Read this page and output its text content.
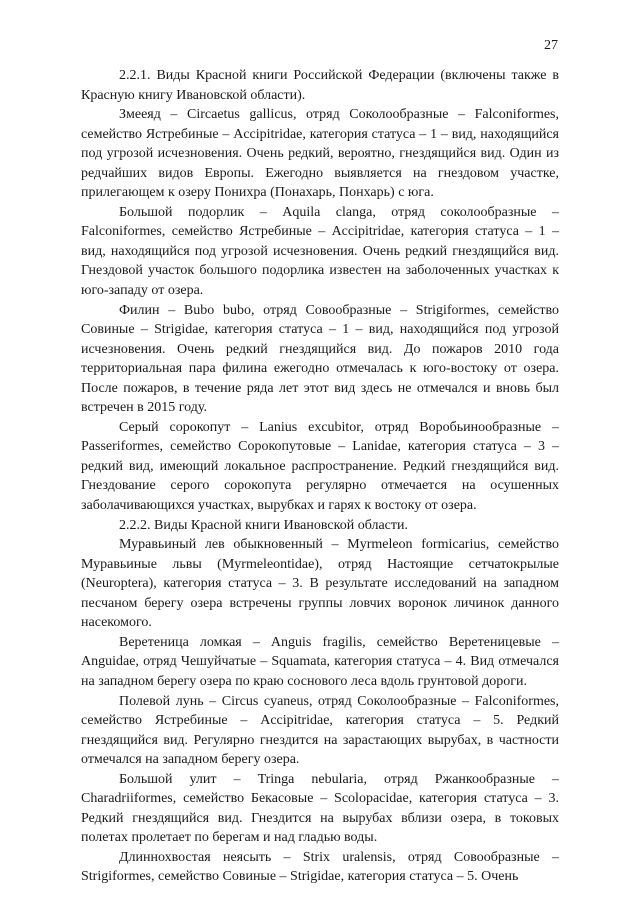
27

2.2.1. Виды Красной книги Российской Федерации (включены также в Красную книгу Ивановской области).

Змееяд – Circaetus gallicus, отряд Соколообразные – Falconiformes, семейство Ястребиные – Accipitridae, категория статуса – 1 – вид, находящийся под угрозой исчезновения. Очень редкий, вероятно, гнездящийся вид. Один из редчайших видов Европы. Ежегодно выявляется на гнездовом участке, прилегающем к озеру Понихра (Понахарь, Понхарь) с юга.

Большой подорлик – Aquila clanga, отряд соколообразные – Falconiformes, семейство Ястребиные – Accipitridae, категория статуса – 1 – вид, находящийся под угрозой исчезновения. Очень редкий гнездящийся вид. Гнездовой участок большого подорлика известен на заболоченных участках к юго-западу от озера.

Филин – Bubo bubo, отряд Совообразные – Strigiformes, семейство Совиные – Strigidae, категория статуса – 1 – вид, находящийся под угрозой исчезновения. Очень редкий гнездящийся вид. До пожаров 2010 года территориальная пара филина ежегодно отмечалась к юго-востоку от озера. После пожаров, в течение ряда лет этот вид здесь не отмечался и вновь был встречен в 2015 году.

Серый сорокопут – Lanius excubitor, отряд Воробьинообразные – Passeriformes, семейство Сорокопутовые – Lanidae, категория статуса – 3 – редкий вид, имеющий локальное распространение. Редкий гнездящийся вид. Гнездование серого сорокопута регулярно отмечается на осушенных заболачивающихся участках, вырубках и гарях к востоку от озера.

2.2.2. Виды Красной книги Ивановской области.

Муравьиный лев обыкновенный – Myrmeleon formicarius, семейство Муравьиные львы (Myrmeleontidae), отряд Настоящие сетчатокрылые (Neuroptera), категория статуса – 3. В результате исследований на западном песчаном берегу озера встречены группы ловчих воронок личинок данного насекомого.

Веретеница ломкая – Anguis fragilis, семейство Веретеницевые – Anguidae, отряд Чешуйчатые – Squamata, категория статуса – 4. Вид отмечался на западном берегу озера по краю соснового леса вдоль грунтовой дороги.

Полевой лунь – Circus cyaneus, отряд Соколообразные – Falconiformes, семейство Ястребиные – Accipitridae, категория статуса – 5. Редкий гнездящийся вид. Регулярно гнездится на зарастающих вырубах, в частности отмечался на западном берегу озера.

Большой улит – Tringa nebularia, отряд Ржанкообразные – Charadriiformes, семейство Бекасовые – Scolopacidae, категория статуса – 3. Редкий гнездящийся вид. Гнездится на вырубах вблизи озера, в токовых полетах пролетает по берегам и над гладью воды.

Длиннохвостая неясыть – Strix uralensis, отряд Совообразные – Strigiformes, семейство Совиные – Strigidae, категория статуса – 5. Очень
